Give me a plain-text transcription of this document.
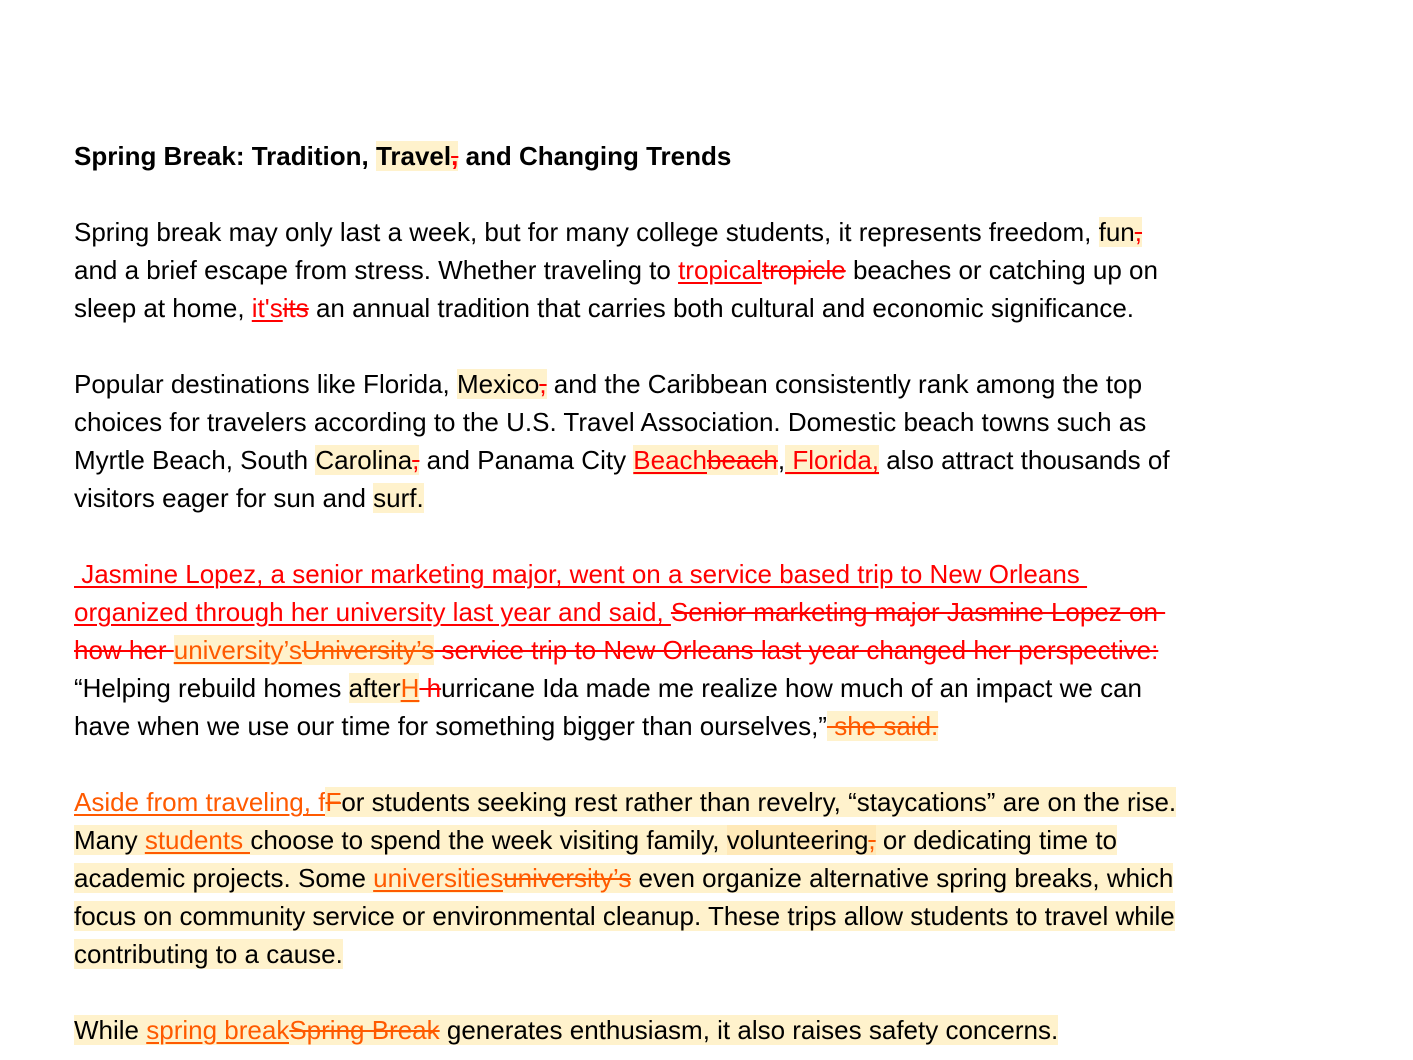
Spring Break: Tradition, Travel, and Changing Trends
Spring break may only last a week, but for many college students, it represents freedom, fun,
and a brief escape from stress. Whether traveling to tropicaltropicle beaches or catching up on
sleep at home, it'sits an annual tradition that carries both cultural and economic significance.
Popular destinations like Florida, Mexico, and the Caribbean consistently rank among the top
choices for travelers according to the U.S. Travel Association. Domestic beach towns such as
Myrtle Beach, South Carolina, and Panama City Beachbeach, Florida, also attract thousands of
visitors eager for sun and surf.
Jasmine Lopez, a senior marketing major, went on a service based trip to New Orleans
organized through her university last year and said, Senior marketing major Jasmine Lopez on
how her university’sUniversity’s service trip to New Orleans last year changed her perspective:
“Helping rebuild homes afterH hurricane Ida made me realize how much of an impact we can
have when we use our time for something bigger than ourselves,” she said.
Aside from traveling, fFor students seeking rest rather than revelry, “staycations” are on the rise.
Many students choose to spend the week visiting family, volunteering, or dedicating time to
academic projects. Some universitiesuniversity’s even organize alternative spring breaks, which
focus on community service or environmental cleanup. These trips allow students to travel while
contributing to a cause.
While spring breakSpring Break generates enthusiasm, it also raises safety concerns.
